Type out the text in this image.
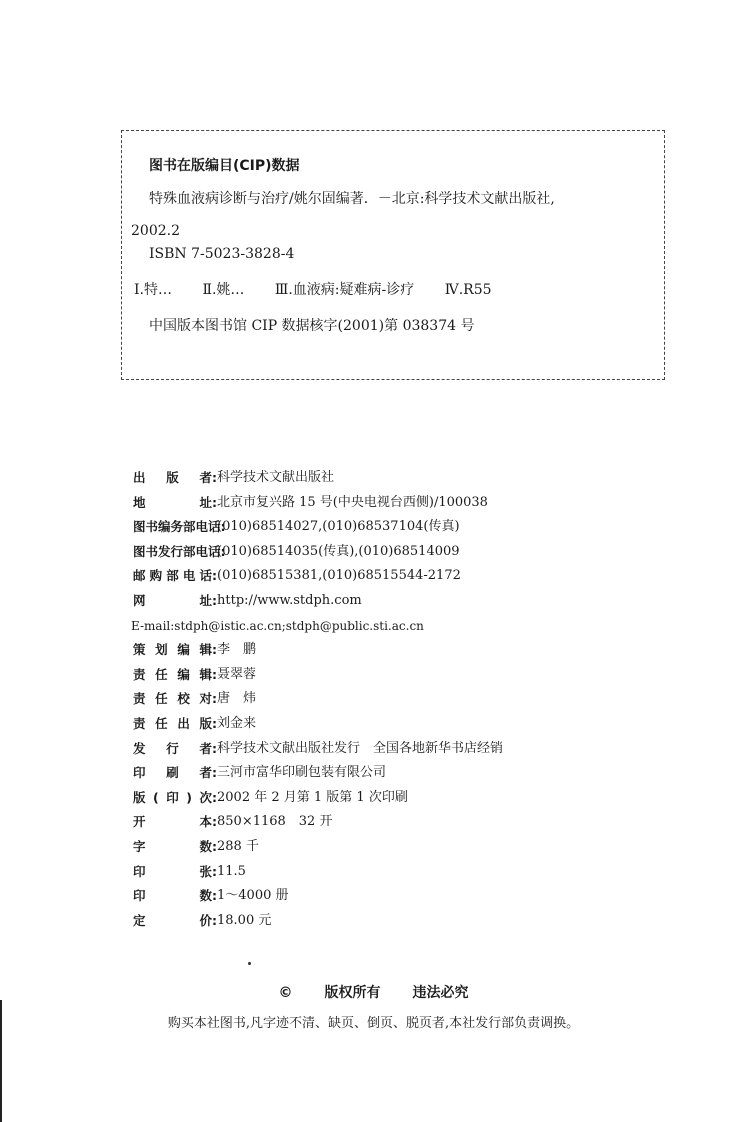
图书在版编目(CIP)数据
特殊血液病诊断与治疗/姚尔固编著．－北京:科学技术文献出版社,
2002.2
ISBN 7-5023-3828-4
Ⅰ.特… Ⅱ.姚… Ⅲ.血液病:疑难病-诊疗 Ⅳ.R55
中国版本图书馆 CIP 数据核字(2001)第 038374 号
出 版 者: 科学技术文献出版社
地	址: 北京市复兴路 15 号(中央电视台西侧)/100038
图书编务部电话:
(010)68514027,(010)68537104(传真)
图书发行部电话:
(010)68514035(传真),(010)68514009
邮 购 部 电 话: (010)68515381,(010)68515544-2172
网	址: http://www.stdph.com
E-mail:stdph@istic.ac.cn;stdph@public.sti.ac.cn
策 划 编 辑: 李　鹏
责 任 编 辑: 聂翠蓉
责 任 校 对: 唐　炜
责 任 出 版: 刘金来
发 行 者: 科学技术文献出版社发行　全国各地新华书店经销
印 刷 者: 三河市富华印刷包装有限公司
版 ( 印 ) 次: 2002 年 2 月第 1 版第 1 次印刷
开	本: 850×1168　32 开
字	数: 288 千
印	张: 11.5
印	数: 1～4000 册
定	价: 18.00 元
© 版权所有 违法必究
购买本社图书,凡字迹不清、缺页、倒页、脱页者,本社发行部负责调换。
